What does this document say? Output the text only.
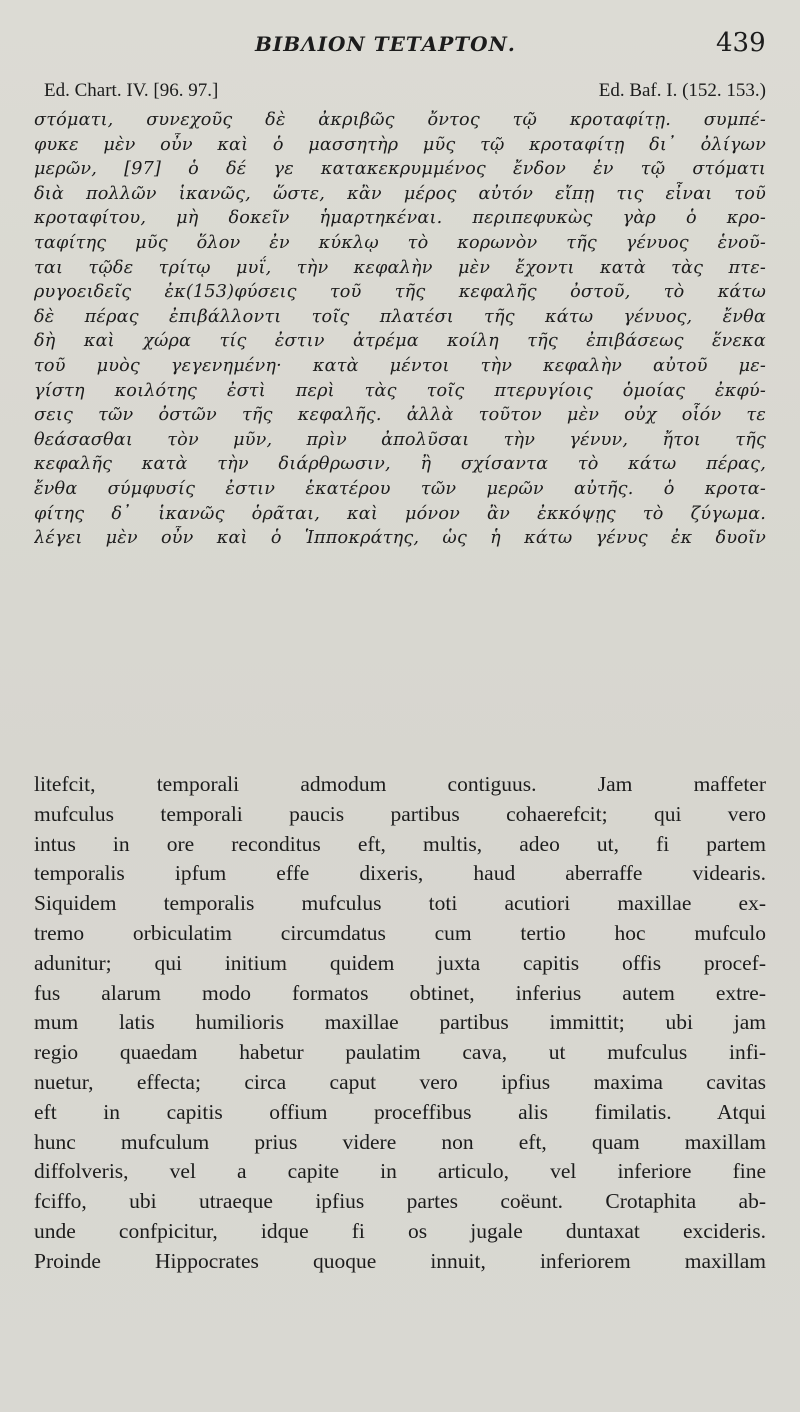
ΒΙΒΛΙΟΝ ΤΕΤΑΡΤΟΝ.	439
Ed. Chart. IV. [96. 97.]	Ed. Baf. I. (152. 153.)
στόματι, συνεχοῦς δὲ ἀκριβῶς ὄντος τῷ κροταφίτῃ. συμπέ-
φυκε μὲν οὖν καὶ ὁ μασσητὴρ μῦς τῷ κροταφίτῃ δι᾽ ὀλίγων
μερῶν, [97] ὁ δέ γε κατακεκρυμμένος ἔνδον ἐν τῷ στόματι
διὰ πολλῶν ἱκανῶς, ὥστε, κἂν μέρος αὐτόν εἴπῃ τις εἶναι τοῦ
κροταφίτου, μὴ δοκεῖν ἡμαρτηκέναι. περιπεφυκὼς γὰρ ὁ κρο-
ταφίτης μῦς ὅλον ἐν κύκλῳ τὸ κορωνὸν τῆς γένυος ἑνοῦ-
ται τῷδε τρίτῳ μυΐ, τὴν κεφαλὴν μὲν ἔχοντι κατὰ τὰς πτε-
ρυγοειδεῖς ἐκ(153)φύσεις τοῦ τῆς κεφαλῆς ὀστοῦ, τὸ κάτω
δὲ πέρας ἐπιβάλλοντι τοῖς πλατέσι τῆς κάτω γένυος, ἔνθα
δὴ καὶ χώρα τίς ἐστιν ἀτρέμα κοίλη τῆς ἐπιβάσεως ἕνεκα
τοῦ μυὸς γεγενημένη· κατὰ μέντοι τὴν κεφαλὴν αὐτοῦ με-
γίστη κοιλότης ἐστὶ περὶ τὰς τοῖς πτερυγίοις ὁμοίας ἐκφύ-
σεις τῶν ὀστῶν τῆς κεφαλῆς. ἀλλὰ τοῦτον μὲν οὐχ οἷόν τε
θεάσασθαι τὸν μῦν, πρὶν ἀπολῦσαι τὴν γένυν, ἤτοι τῆς
κεφαλῆς κατὰ τὴν διάρθρωσιν, ἢ σχίσαντα τὸ κάτω πέρας,
ἔνθα σύμφυσίς ἐστιν ἑκατέρου τῶν μερῶν αὐτῆς. ὁ κροτα-
φίτης δ᾽ ἱκανῶς ὁρᾶται, καὶ μόνον ἂν ἐκκόψῃς τὸ ζύγωμα.
λέγει μὲν οὖν καὶ ὁ Ἱπποκράτης, ὡς ἡ κάτω γένυς ἐκ δυοῖν
litefcit, temporali admodum contiguus. Jam maffeter
mufculus temporali paucis partibus cohaerefcit; qui vero
intus in ore reconditus eft, multis, adeo ut, fi partem
temporalis ipfum effe dixeris, haud aberraffe videaris.
Siquidem temporalis mufculus toti acutiori maxillae ex-
tremo orbiculatim circumdatus cum tertio hoc mufculo
adunitur; qui initium quidem juxta capitis offis procef-
fus alarum modo formatos obtinet, inferius autem extre-
mum latis humilioris maxillae partibus immittit; ubi jam
regio quaedam habetur paulatim cava, ut mufculus infi-
nuetur, effecta; circa caput vero ipfius maxima cavitas
eft in capitis offium proceffibus alis fimilatis. Atqui
hunc mufculum prius videre non eft, quam maxillam
diffolveris, vel a capite in articulo, vel inferiore fine
fciffo, ubi utraeque ipfius partes coëunt. Crotaphita ab-
unde confpicitur, idque fi os jugale duntaxat excideris.
Proinde Hippocrates quoque innuit, inferiorem maxillam
